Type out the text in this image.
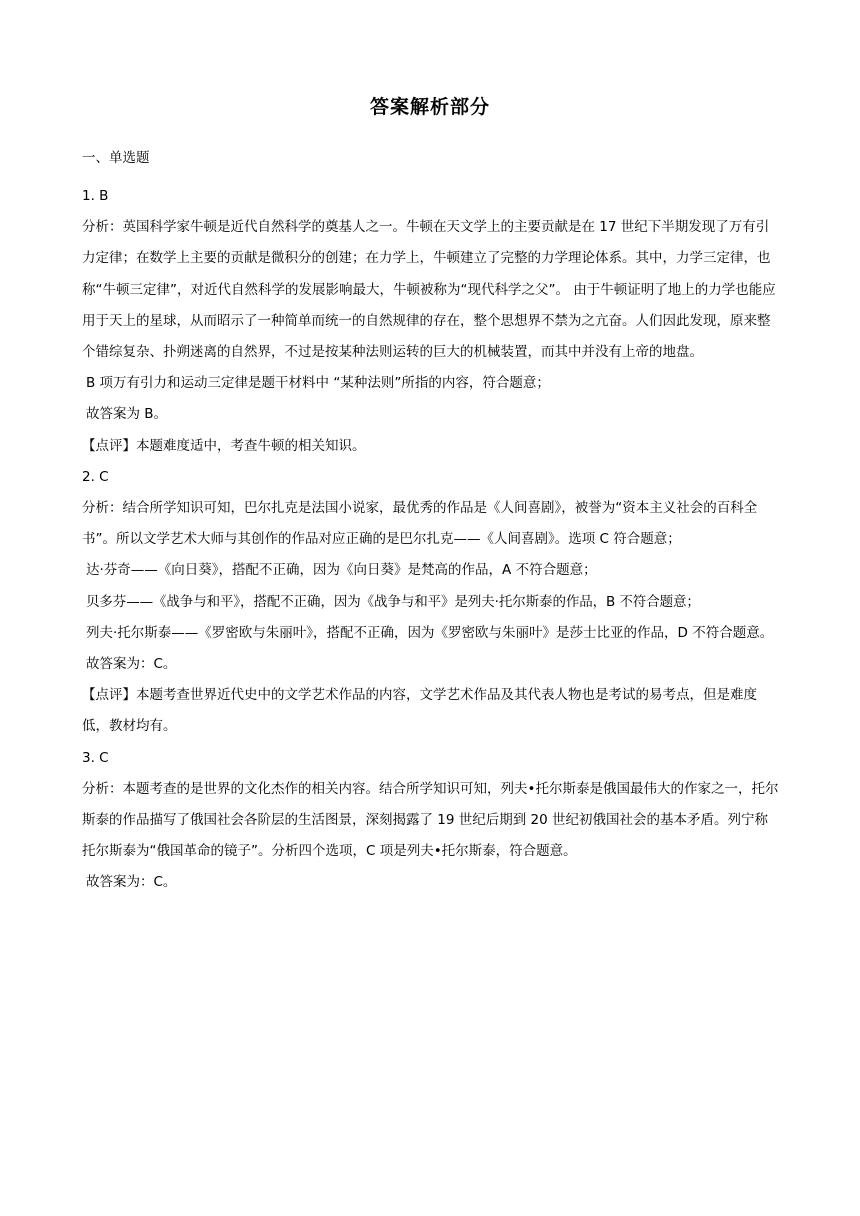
答案解析部分
一、单选题

1. B

分析：英国科学家牛顿是近代自然科学的奠基人之一。牛顿在天文学上的主要贡献是在 17 世纪下半期发现了万有引力定律；在数学上主要的贡献是微积分的创建；在力学上，牛顿建立了完整的力学理论体系。其中，力学三定律，也称“牛顿三定律”，对近代自然科学的发展影响最大，牛顿被称为“现代科学之父”。 由于牛顿证明了地上的力学也能应用于天上的星球，从而昭示了一种简单而统一的自然规律的存在，整个思想界不禁为之亢奋。人们因此发现，原来整个错综复杂、扑朔迷离的自然界，不过是按某种法则运转的巨大的机械装置，而其中并没有上帝的地盘。

B 项万有引力和运动三定律是题干材料中 “某种法则”所指的内容，符合题意；

故答案为 B。

【点评】本题难度适中，考查牛顿的相关知识。

2. C

分析：结合所学知识可知，巴尔扎克是法国小说家，最优秀的作品是《人间喜剧》，被誉为“资本主义社会的百科全书”。所以文学艺术大师与其创作的作品对应正确的是巴尔扎克——《人间喜剧》。选项 C 符合题意；

达·芬奇——《向日葵》，搭配不正确，因为《向日葵》是梵高的作品，A 不符合题意；

贝多芬——《战争与和平》，搭配不正确，因为《战争与和平》是列夫·托尔斯泰的作品，B 不符合题意；

列夫·托尔斯泰——《罗密欧与朱丽叶》，搭配不正确，因为《罗密欧与朱丽叶》是莎士比亚的作品，D 不符合题意。

故答案为：C。

【点评】本题考查世界近代史中的文学艺术作品的内容，文学艺术作品及其代表人物也是考试的易考点，但是难度低，教材均有。

3. C

分析：本题考查的是世界的文化杰作的相关内容。结合所学知识可知，列夫•托尔斯泰是俄国最伟大的作家之一，托尔斯泰的作品描写了俄国社会各阶层的生活图景，深刻揭露了 19 世纪后期到 20 世纪初俄国社会的基本矛盾。列宁称托尔斯泰为“俄国革命的镜子”。分析四个选项，C 项是列夫•托尔斯泰，符合题意。

故答案为：C。
